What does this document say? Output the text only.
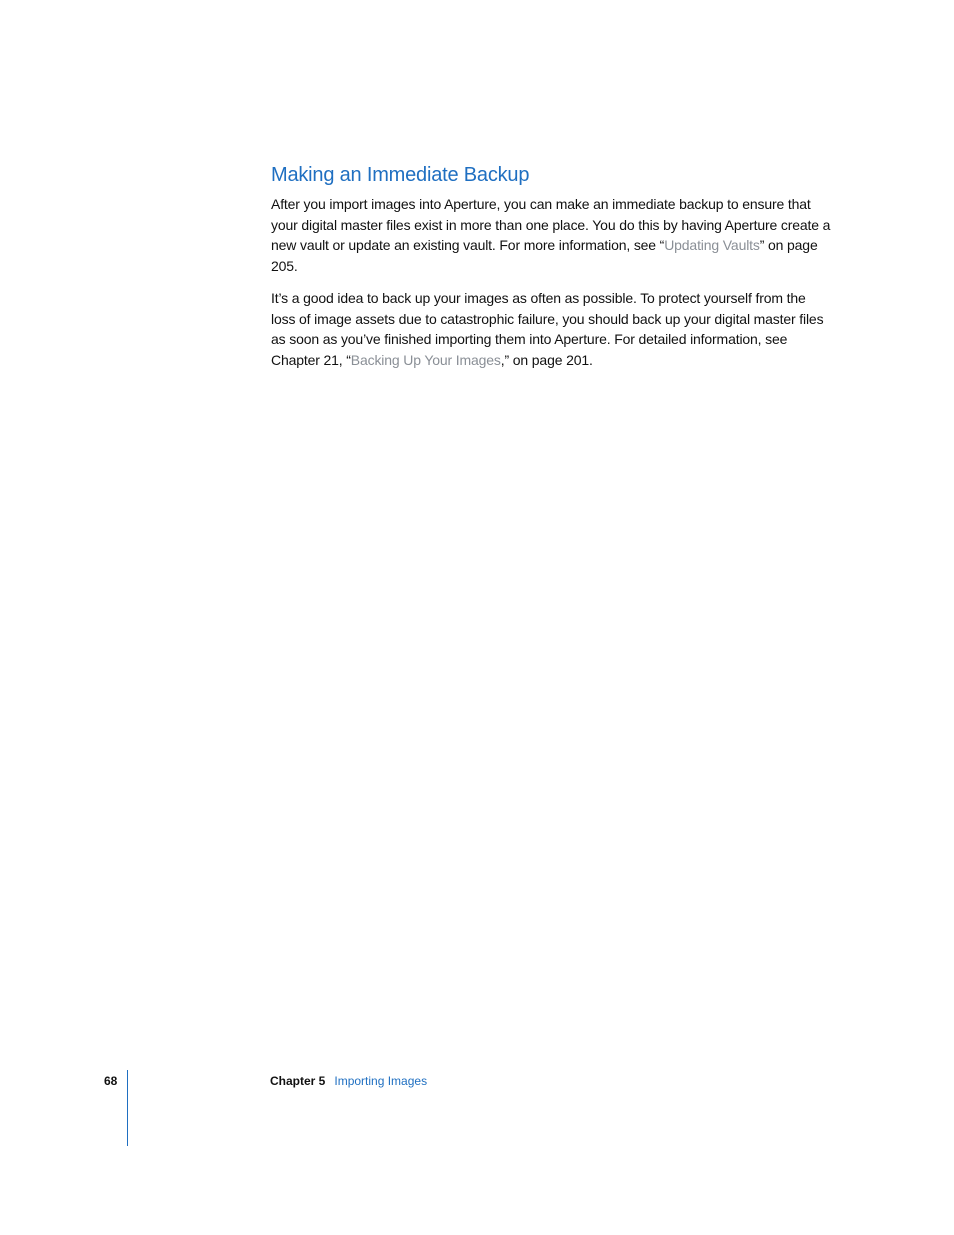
Making an Immediate Backup

After you import images into Aperture, you can make an immediate backup to ensure that your digital master files exist in more than one place. You do this by having Aperture create a new vault or update an existing vault. For more information, see “Updating Vaults” on page 205.

It’s a good idea to back up your images as often as possible. To protect yourself from the loss of image assets due to catastrophic failure, you should back up your digital master files as soon as you’ve finished importing them into Aperture. For detailed information, see Chapter 21, “Backing Up Your Images,” on page 201.

68	Chapter 5 Importing Images
